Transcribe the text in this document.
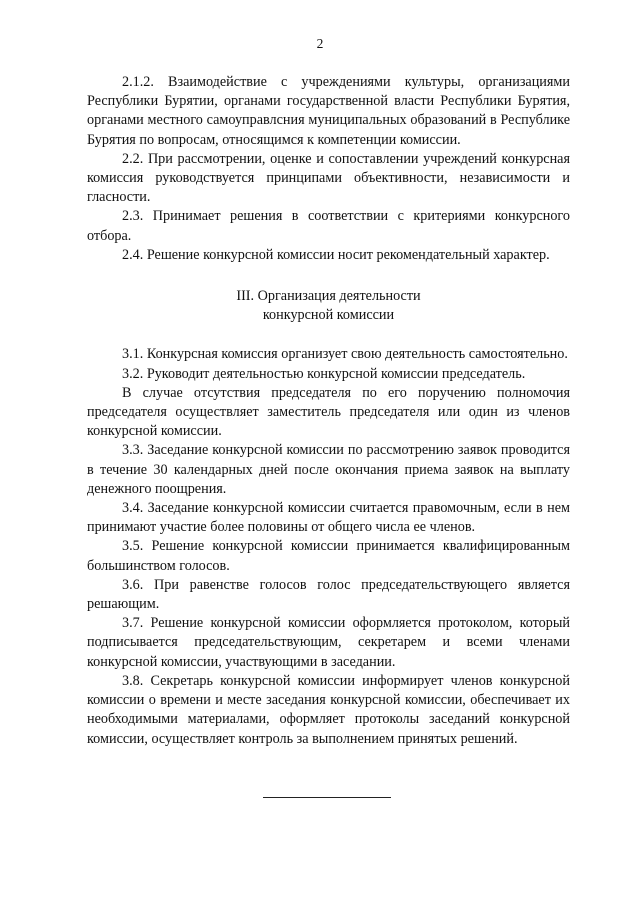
2

2.1.2. Взаимодействие с учреждениями культуры, организациями Республики Бурятии, органами государственной власти Республики Бурятия, органами местного самоуправлсния муниципальных образований в Республике Бурятия по вопросам, относящимся к компетенции комиссии.

2.2. При рассмотрении, оценке и сопоставлении учреждений конкурсная комиссия руководствуется принципами объективности, независимости и гласности.

2.3. Принимает решения в соответствии с критериями конкурсного отбора.

2.4. Решение конкурсной комиссии носит рекомендательный характер.

III. Организация деятельности
конкурсной комиссии

3.1. Конкурсная комиссия организует свою деятельность самостоятельно.

3.2. Руководит деятельностью конкурсной комиссии председатель.

В случае отсутствия председателя по его поручению полномочия председателя осуществляет заместитель председателя или один из членов конкурсной комиссии.

3.3. Заседание конкурсной комиссии по рассмотрению заявок проводится в течение 30 календарных дней после окончания приема заявок на выплату денежного поощрения.

3.4. Заседание конкурсной комиссии считается правомочным, если в нем принимают участие более половины от общего числа ее членов.

3.5. Решение конкурсной комиссии принимается квалифицированным большинством голосов.

3.6. При равенстве голосов голос председательствующего является решающим.

3.7. Решение конкурсной комиссии оформляется протоколом, который подписывается председательствующим, секретарем и всеми членами конкурсной комиссии, участвующими в заседании.

3.8. Секретарь конкурсной комиссии информирует членов конкурсной комиссии о времени и месте заседания конкурсной комиссии, обеспечивает их необходимыми материалами, оформляет протоколы заседаний конкурсной комиссии, осуществляет контроль за выполнением принятых решений.
